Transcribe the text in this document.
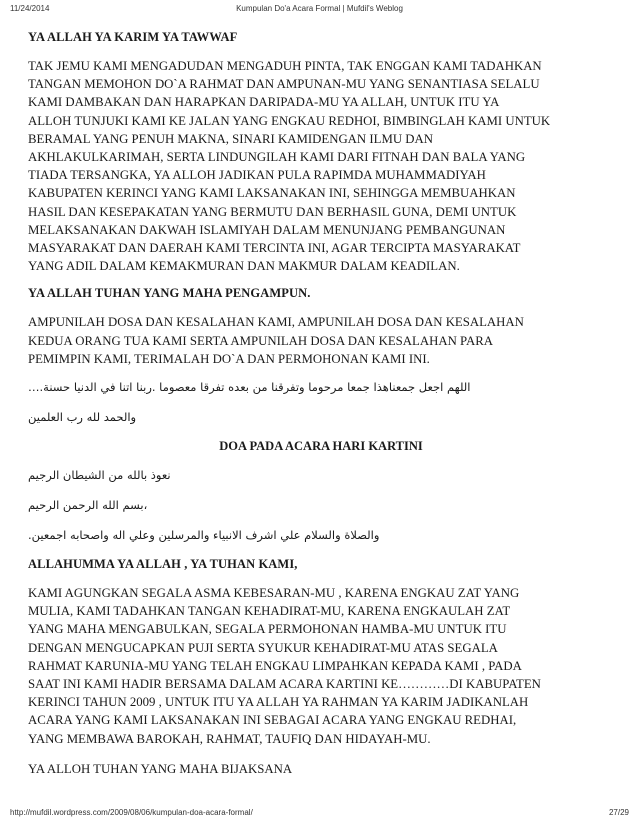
11/24/2014	Kumpulan Do'a Acara Formal | Mufdil's Weblog

YA ALLAH YA KARIM YA TAWWAF

TAK JEMU KAMI MENGADUDAN MENGADUH PINTA, TAK ENGGAN KAMI TADAHKAN
TANGAN MEMOHON DO`A RAHMAT DAN AMPUNAN-MU YANG SENANTIASA SELALU
KAMI DAMBAKAN DAN HARAPKAN DARIPADA-MU YA ALLAH, UNTUK ITU YA
ALLOH TUNJUKI KAMI KE JALAN YANG ENGKAU REDHOI, BIMBINGLAH KAMI UNTUK
BERAMAL YANG PENUH MAKNA, SINARI KAMIDENGAN ILMU DAN
AKHLAKULKARIMAH, SERTA LINDUNGILAH KAMI DARI FITNAH DAN BALA YANG
TIADA TERSANGKA, YA ALLOH JADIKAN PULA RAPIMDA MUHAMMADIYAH
KABUPATEN KERINCI YANG KAMI LAKSANAKAN INI, SEHINGGA MEMBUAHKAN
HASIL DAN KESEPAKATAN YANG BERMUTU DAN BERHASIL GUNA, DEMI UNTUK
MELAKSANAKAN DAKWAH ISLAMIYAH DALAM MENUNJANG PEMBANGUNAN
MASYARAKAT DAN DAERAH KAMI TERCINTA INI, AGAR TERCIPTA MASYARAKAT
YANG ADIL DALAM KEMAKMURAN DAN MAKMUR DALAM KEADILAN.

YA ALLAH TUHAN YANG MAHA PENGAMPUN.

AMPUNILAH DOSA DAN KESALAHAN KAMI, AMPUNILAH DOSA DAN KESALAHAN
KEDUA ORANG TUA KAMI SERTA AMPUNILAH DOSA DAN KESALAHAN PARA
PEMIMPIN KAMI, TERIMALAH DO`A DAN PERMOHONAN KAMI INI.
…. اللهم اجعل جمعناهذا جمعا مرحوما وتفرقنا من بعده تفرقا معصوما .ربنا اتنا في الدنيا حسنة
والحمد لله رب العلمين

DOA PADA ACARA HARI KARTINI

نعوذ بالله من الشيطان الرجيم
بسم الله الرحمن الرحيم ،
. والصلاة والسلام علي اشرف الانبياء والمرسلين وعلي اله واصحابه اجمعين

ALLAHUMMA YA ALLAH , YA TUHAN KAMI,

KAMI AGUNGKAN SEGALA ASMA KEBESARAN-MU , KARENA ENGKAU ZAT YANG
MULIA, KAMI TADAHKAN TANGAN KEHADIRAT-MU, KARENA ENGKAULAH ZAT
YANG MAHA MENGABULKAN, SEGALA PERMOHONAN HAMBA-MU UNTUK ITU
DENGAN MENGUCAPKAN PUJI SERTA SYUKUR KEHADIRAT-MU ATAS SEGALA
RAHMAT KARUNIA-MU YANG TELAH ENGKAU LIMPAHKAN KEPADA KAMI , PADA
SAAT INI KAMI HADIR BERSAMA DALAM ACARA KARTINI KE…………DI KABUPATEN
KERINCI TAHUN 2009 , UNTUK ITU YA ALLAH YA RAHMAN YA KARIM JADIKANLAH
ACARA YANG KAMI LAKSANAKAN INI SEBAGAI ACARA YANG ENGKAU REDHAI,
YANG MEMBAWA BAROKAH, RAHMAT, TAUFIQ DAN HIDAYAH-MU.

YA ALLOH TUHAN YANG MAHA BIJAKSANA

http://mufdil.wordpress.com/2009/08/06/kumpulan-doa-acara-formal/	27/29
